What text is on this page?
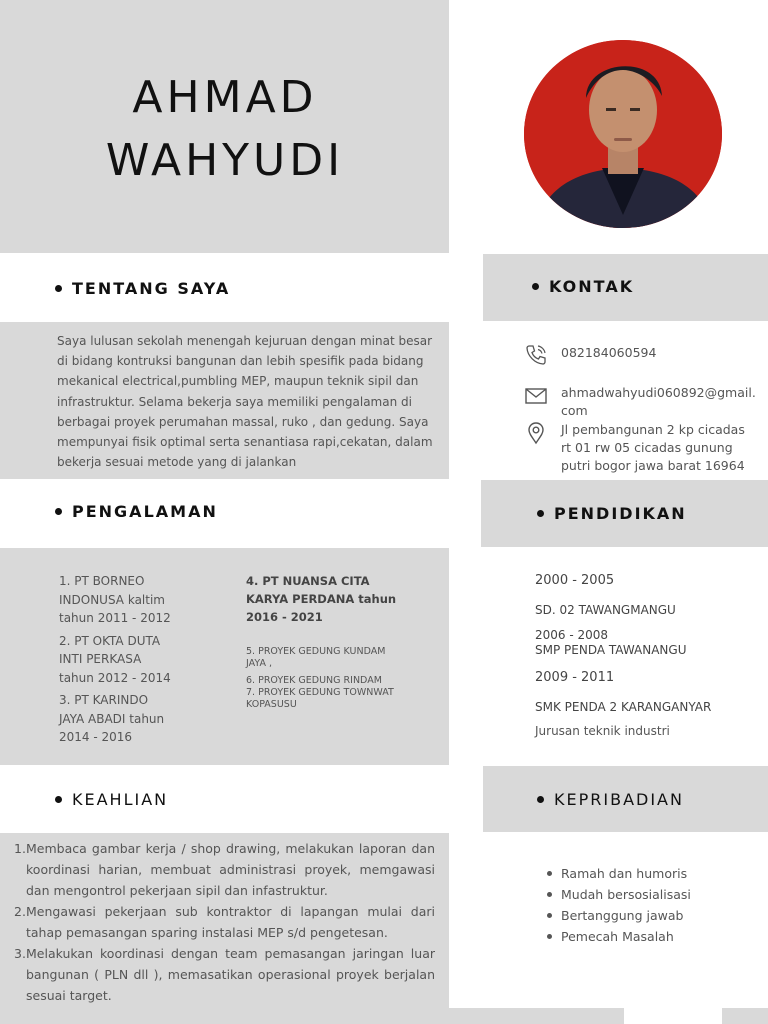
AHMAD
WAHYUDI
TENTANG SAYA
Saya lulusan sekolah menengah kejuruan dengan minat besar
di bidang kontruksi bangunan dan lebih spesifik pada bidang
mekanical electrical,pumbling MEP, maupun teknik sipil dan
infrastruktur. Selama bekerja saya memiliki pengalaman di
berbagai proyek perumahan massal, ruko , dan gedung. Saya
mempunyai fisik optimal serta senantiasa rapi,cekatan, dalam
bekerja sesuai metode yang di jalankan
KONTAK
082184060594
ahmadwahyudi060892@gmail.
com
Jl pembangunan 2 kp cicadas
rt 01 rw 05 cicadas gunung
putri bogor jawa barat 16964
PENGALAMAN
1. PT BORNEO
INDONUSA kaltim
tahun 2011 - 2012
2. PT OKTA DUTA
INTI PERKASA
tahun 2012 - 2014
3. PT KARINDO
JAYA ABADI tahun
2014 - 2016
4. PT NUANSA CITA
KARYA PERDANA tahun
2016 - 2021
5. PROYEK GEDUNG KUNDAM
JAYA ,
6. PROYEK GEDUNG RINDAM
7. PROYEK GEDUNG TOWNWAT
KOPASUSU
PENDIDIKAN
2000 - 2005
SD. 02 TAWANGMANGU
2006 - 2008
SMP PENDA TAWANANGU
2009 - 2011
SMK PENDA 2 KARANGANYAR
Jurusan teknik industri
KEAHLIAN
1. Membaca gambar kerja / shop drawing, melakukan laporan dan koordinasi harian, membuat administrasi proyek, memgawasi dan mengontrol pekerjaan sipil dan infastruktur.
2. Mengawasi pekerjaan sub kontraktor di lapangan mulai dari tahap pemasangan sparing instalasi MEP s/d pengetesan.
3. Melakukan koordinasi dengan team pemasangan jaringan luar bangunan ( PLN dll ), memasatikan operasional proyek berjalan sesuai target.
KEPRIBADIAN
Ramah dan humoris
Mudah bersosialisasi
Bertanggung jawab
Pemecah Masalah
